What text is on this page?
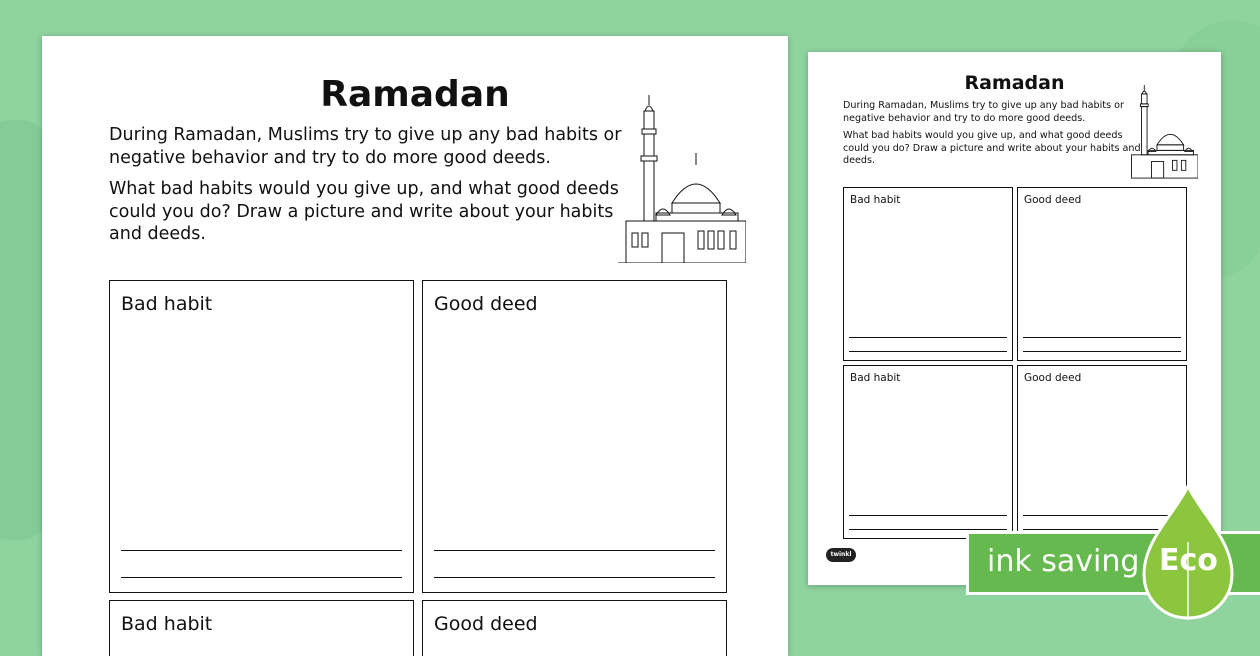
Ramadan

During Ramadan, Muslims try to give up any bad habits or negative behavior and try to do more good deeds.

What bad habits would you give up, and what good deeds could you do? Draw a picture and write about your habits and deeds.

Bad habit	Good deed
Bad habit	Good deed
Ramadan

During Ramadan, Muslims try to give up any bad habits or negative behavior and try to do more good deeds.

What bad habits would you give up, and what good deeds could you do? Draw a picture and write about your habits and deeds.

Bad habit	Good deed
Bad habit	Good deed
twinkl	ink saving Eco
